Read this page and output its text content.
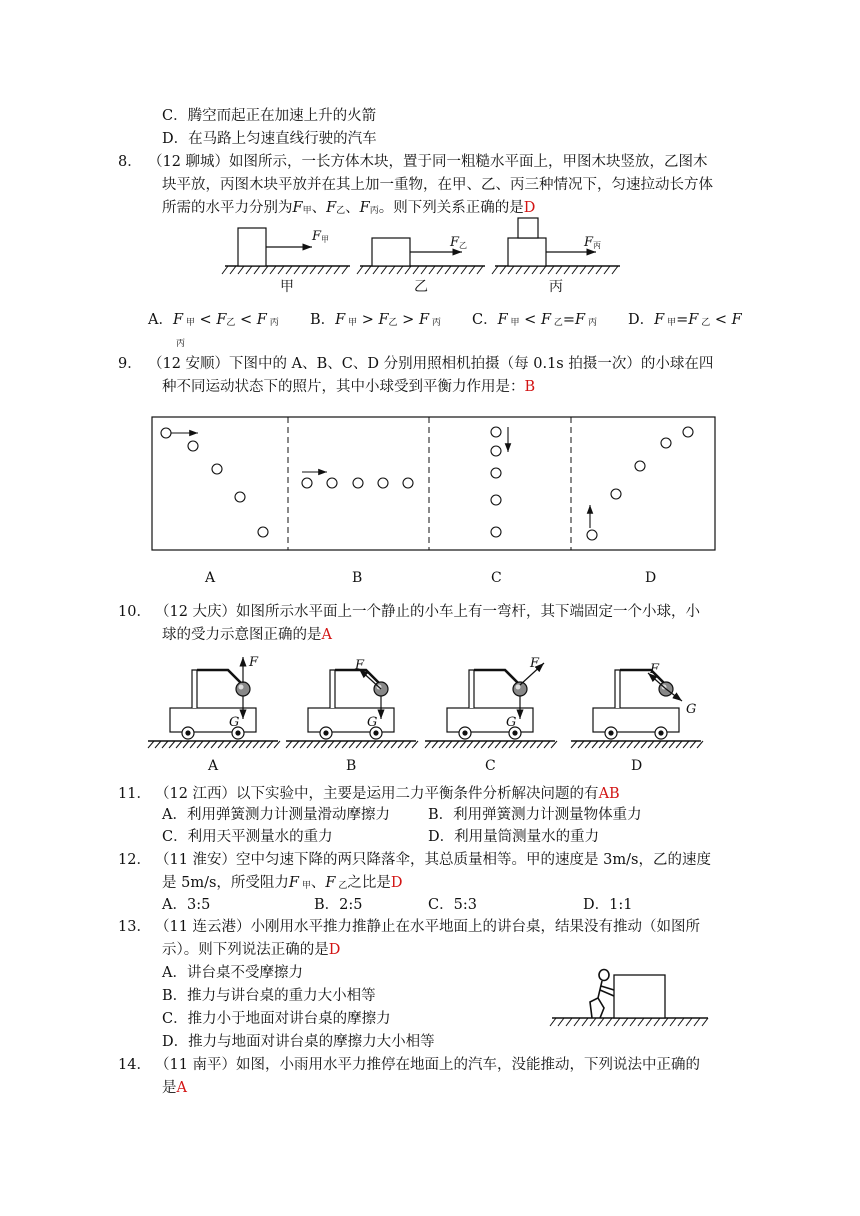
C．腾空而起正在加速上升的火箭
D．在马路上匀速直线行驶的汽车
8． （12 聊城）如图所示，一长方体木块，置于同一粗糙水平面上，甲图木块竖放，乙图木
块平放，丙图木块平放并在其上加一重物，在甲、乙、丙三种情况下，匀速拉动长方体
所需的水平力分别为F甲、F乙、F丙。则下列关系正确的是D
F甲
甲
F乙
乙
F丙
丙
A．F 甲 < F乙 < F 丙 B．F 甲 > F乙 > F 丙 C．F 甲 < F 乙=F 丙 D．F 甲=F 乙 < F
丙
9． （12 安顺）下图中的 A、B、C、D 分别用照相机拍摄（每 0.1s 拍摄一次）的小球在四
种不同运动状态下的照片，其中小球受到平衡力作用是：B
A	B	C	D
10． （12 大庆）如图所示水平面上一个静止的小车上有一弯杆，其下端固定一个小球，小
球的受力示意图正确的是A
F
G
A
F
G
B
F
G
C
F
G
D
11． （12 江西）以下实验中，主要是运用二力平衡条件分析解决问题的有AB
A．利用弹簧测力计测量滑动摩擦力	B．利用弹簧测力计测量物体重力
C．利用天平测量水的重力	D．利用量筒测量水的重力
12． （11 淮安）空中匀速下降的两只降落伞，其总质量相等。甲的速度是 3m/s，乙的速度
是 5m/s，所受阻力F 甲、F 乙之比是D
A．3:5	B．2:5	C．5:3	D．1:1
13． （11 连云港）小刚用水平推力推静止在水平地面上的讲台桌，结果没有推动（如图所
示）。则下列说法正确的是D
A．讲台桌不受摩擦力
B．推力与讲台桌的重力大小相等
C．推力小于地面对讲台桌的摩擦力
D．推力与地面对讲台桌的摩擦力大小相等
14． （11 南平）如图，小雨用水平力推停在地面上的汽车，没能推动，下列说法中正确的
是A
